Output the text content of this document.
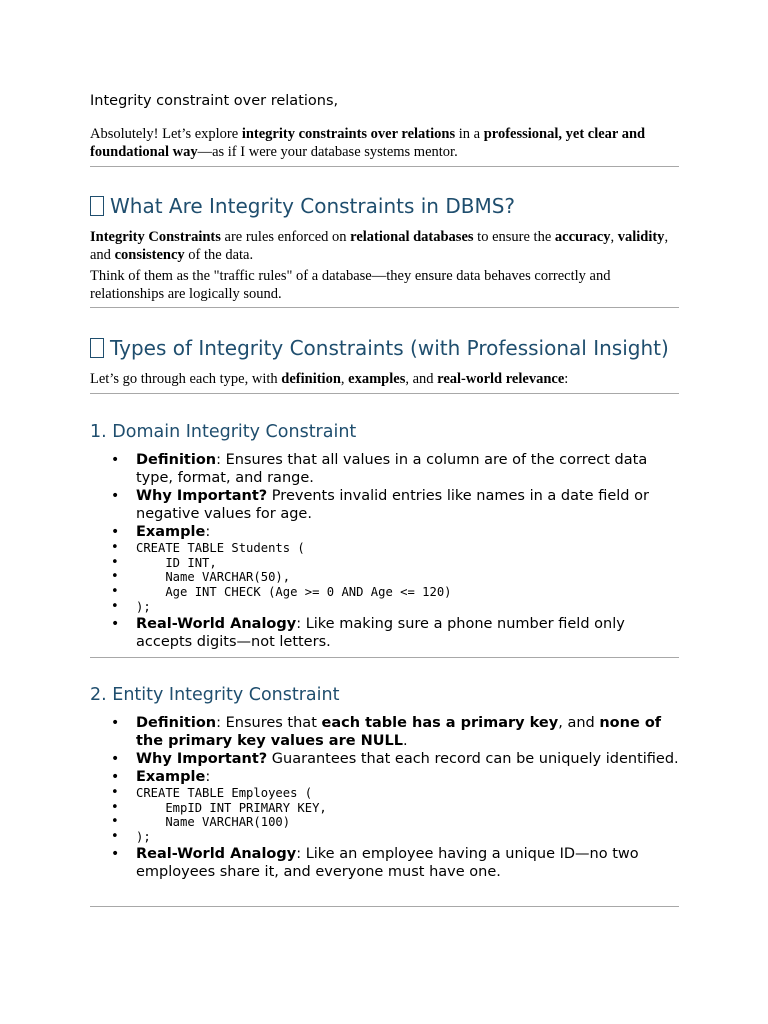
Integrity constraint over relations,

Absolutely! Let’s explore integrity constraints over relations in a professional, yet clear and foundational way—as if I were your database systems mentor.

What Are Integrity Constraints in DBMS?

Integrity Constraints are rules enforced on relational databases to ensure the accuracy, validity, and consistency of the data.

Think of them as the "traffic rules" of a database—they ensure data behaves correctly and relationships are logically sound.

Types of Integrity Constraints (with Professional Insight)

Let’s go through each type, with definition, examples, and real-world relevance:

1. Domain Integrity Constraint
• Definition: Ensures that all values in a column are of the correct data type, format, and range.
• Why Important? Prevents invalid entries like names in a date field or negative values for age.
• Example:
• CREATE TABLE Students (
•     ID INT,
•     Name VARCHAR(50),
•     Age INT CHECK (Age >= 0 AND Age <= 120)
• );
• Real-World Analogy: Like making sure a phone number field only accepts digits—not letters.
2. Entity Integrity Constraint
• Definition: Ensures that each table has a primary key, and none of the primary key values are NULL.
• Why Important? Guarantees that each record can be uniquely identified.
• Example:
• CREATE TABLE Employees (
•     EmpID INT PRIMARY KEY,
•     Name VARCHAR(100)
• );
• Real-World Analogy: Like an employee having a unique ID—no two employees share it, and everyone must have one.
